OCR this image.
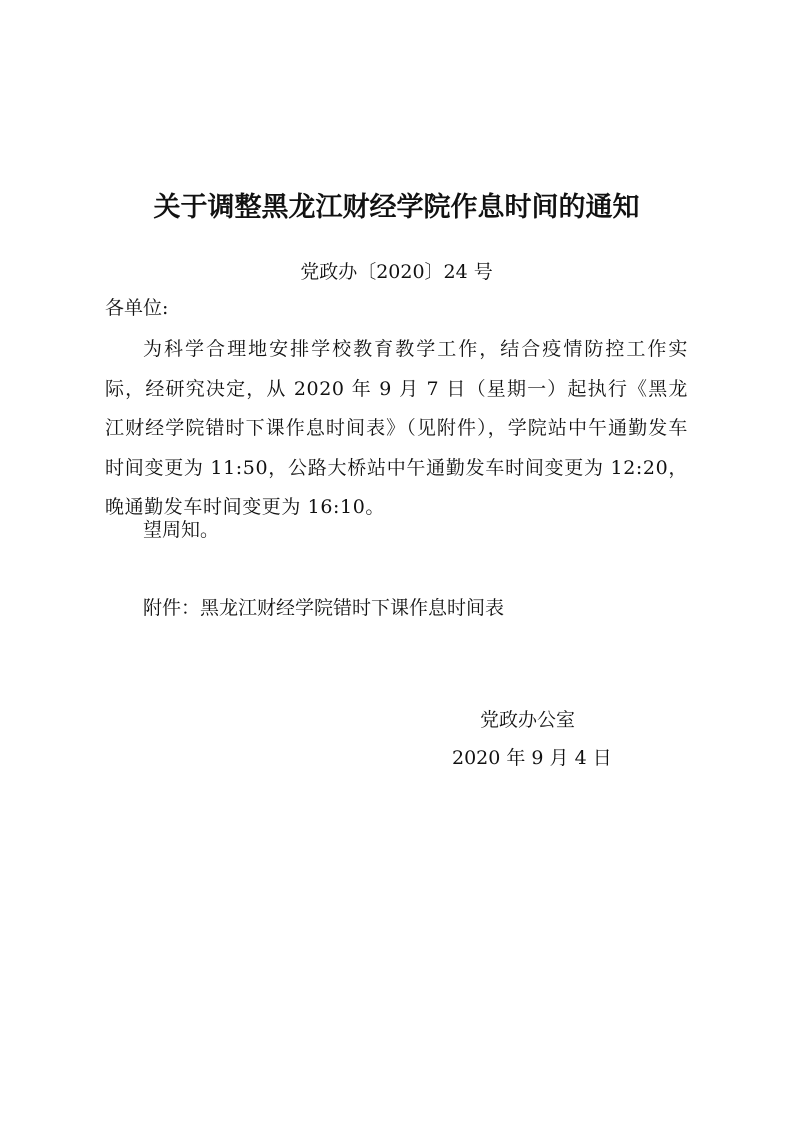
关于调整黑龙江财经学院作息时间的通知
党政办〔2020〕24 号
各单位:
为科学合理地安排学校教育教学工作，结合疫情防控工作实际，经研究决定，从 2020 年 9 月 7 日（星期一）起执行《黑龙江财经学院错时下课作息时间表》（见附件），学院站中午通勤发车时间变更为 11:50，公路大桥站中午通勤发车时间变更为 12:20，晚通勤发车时间变更为 16:10。
望周知。
附件：黑龙江财经学院错时下课作息时间表
党政办公室
2020 年 9 月 4 日
